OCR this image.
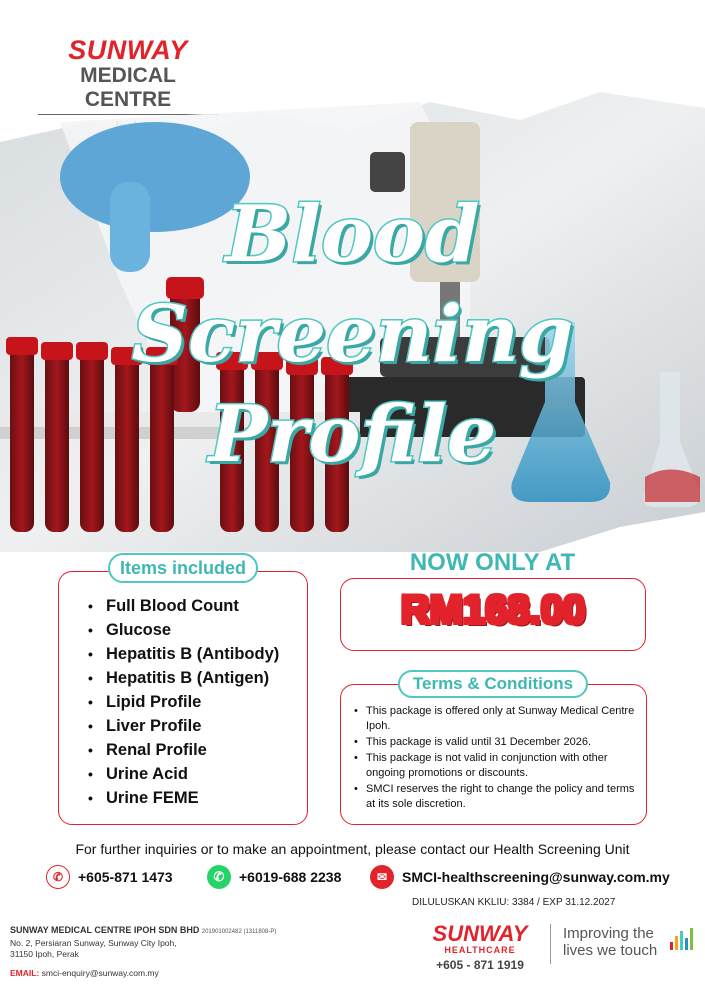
SUNWAY
MEDICAL CENTRE
Blood Screening
Profile
Items included
• Full Blood Count
• Glucose
• Hepatitis B (Antibody)
• Hepatitis B (Antigen)
• Lipid Profile
• Liver Profile
• Renal Profile
• Urine Acid
• Urine FEME
NOW ONLY AT
RM168.00
Terms & Conditions
• This package is offered only at Sunway Medical Centre Ipoh.
• This package is valid until 31 December 2026.
• This package is not valid in conjunction with other ongoing promotions or discounts.
• SMCI reserves the right to change the policy and terms at its sole discretion.
For further inquiries or to make an appointment, please contact our Health Screening Unit
✆	+605-871 1473	✆	+6019-688 2238	✉	SMCI-healthscreening@sunway.com.my
DILULUSKAN KKLIU: 3384 / EXP 31.12.2027
SUNWAY MEDICAL CENTRE IPOH SDN BHD 201901002482 (1311808-P)
No. 2, Persiaran Sunway, Sunway City Ipoh,
31150 Ipoh, Perak
EMAIL: smci-enquiry@sunway.com.my
SUNWAY
HEALTHCARE
+605 - 871 1919
Improving the
lives we touch
